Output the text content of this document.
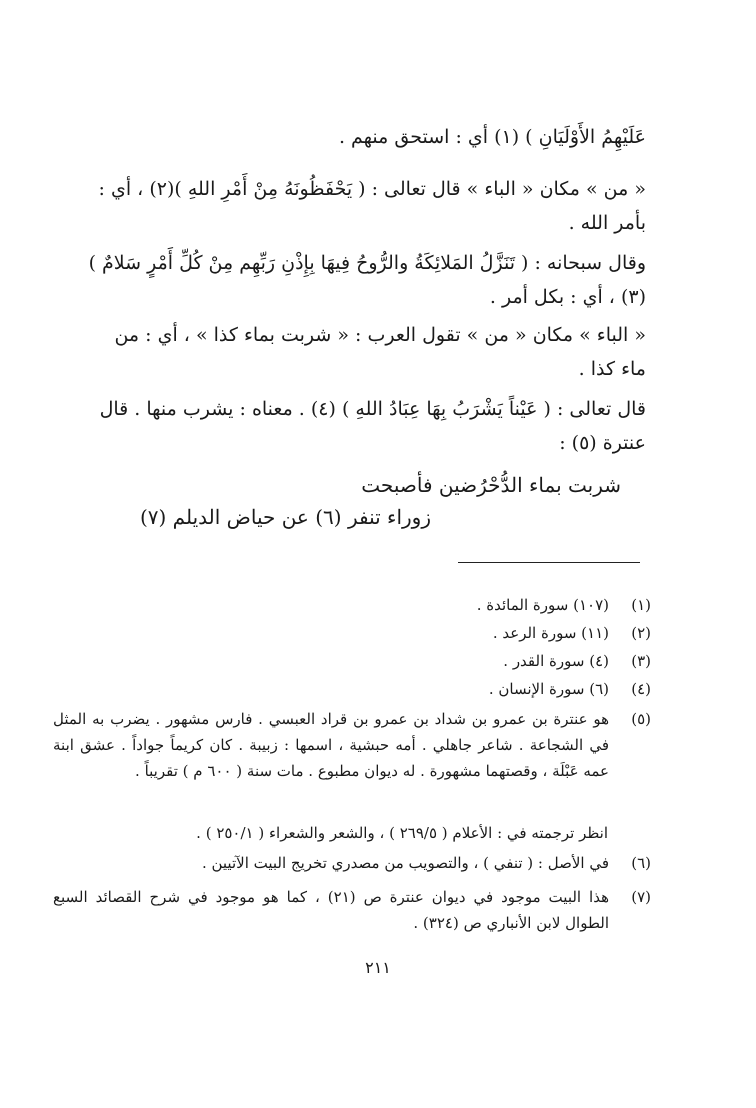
عَلَيْهِمُ الأَوْلَيَانِ ) (١) أي : استحق منهم .
« من » مكان « الباء » قال تعالى : ( يَحْفَظُونَهُ مِنْ أَمْرِ اللهِ )(٢) ، أي : بأمر الله .
وقال سبحانه : ( تَنَزَّلُ المَلائِكَةُ والرُّوحُ فِيهَا بِإِذْنِ رَبِّهِم مِنْ كُلِّ أَمْرٍ سَلامٌ ) (٣) ، أي : بكل أمر .
« الباء » مكان « من » تقول العرب : « شربت بماء كذا » ، أي : من ماء كذا .
قال تعالى : ( عَيْناً يَشْرَبُ بِهَا عِبَادُ اللهِ ) (٤) . معناه : يشرب منها . قال عنترة (٥) :
شربت بماء الدُّحْرُضين فأصبحت
زوراء تنفر (٦) عن حياض الديلم (٧)
(١)
(١٠٧) سورة المائدة .
(٢)
(١١) سورة الرعد .
(٣)
(٤) سورة القدر .
(٤)
(٦) سورة الإنسان .
(٥)
هو عنترة بن عمرو بن شداد بن عمرو بن قراد العبسي . فارس مشهور . يضرب به المثل في الشجاعة . شاعر جاهلي . أمه حبشية ، اسمها : زبيبة . كان كريماً جواداً . عشق ابنة عمه عَبْلَة ، وقصتهما مشهورة . له ديوان مطبوع . مات سنة ( ٦٠٠ م ) تقريباً .
انظر ترجمته في : الأعلام ( ٢٦٩/٥ ) ، والشعر والشعراء ( ٢٥٠/١ ) .
(٦)
في الأصل : ( تنفي ) ، والتصويب من مصدري تخريج البيت الآتيين .
(٧)
هذا البيت موجود في ديوان عنترة ص (٢١) ، كما هو موجود في شرح القصائد السبع الطوال لابن الأنباري ص (٣٢٤) .
٢١١
